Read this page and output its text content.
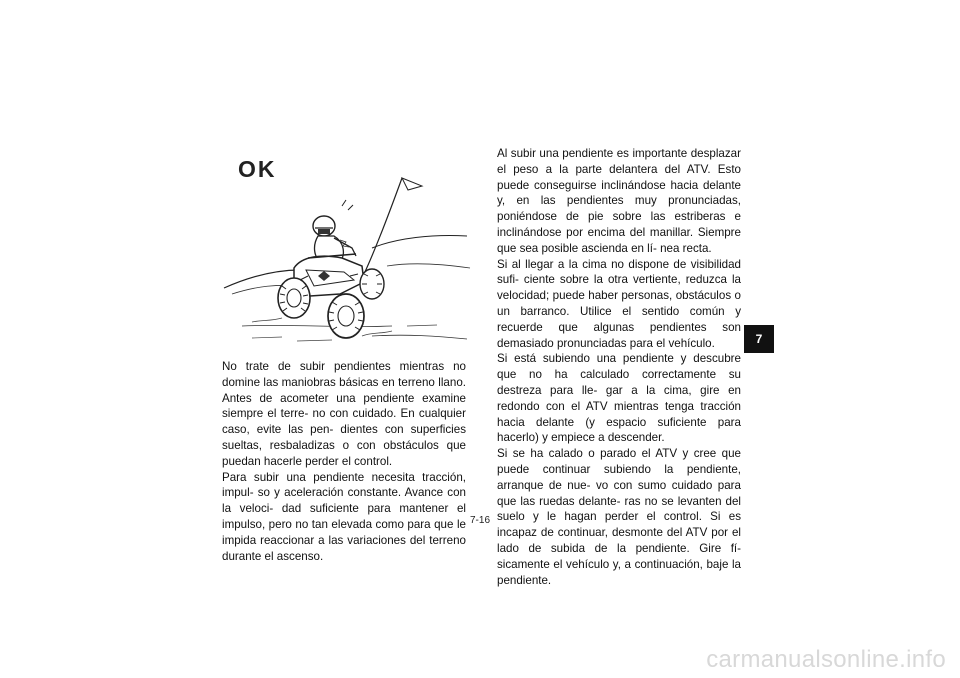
OK

No trate de subir pendientes mientras no domine las maniobras básicas en terreno llano. Antes de acometer una pendiente examine siempre el terre- no con cuidado. En cualquier caso, evite las pen- dientes con superficies sueltas, resbaladizas o con obstáculos que puedan hacerle perder el control.

Para subir una pendiente necesita tracción, impul- so y aceleración constante. Avance con la veloci- dad suficiente para mantener el impulso, pero no tan elevada como para que le impida reaccionar a las variaciones del terreno durante el ascenso.

Al subir una pendiente es importante desplazar el peso a la parte delantera del ATV. Esto puede conseguirse inclinándose hacia delante y, en las pendientes muy pronunciadas, poniéndose de pie sobre las estriberas e inclinándose por encima del manillar. Siempre que sea posible ascienda en lí- nea recta.

Si al llegar a la cima no dispone de visibilidad sufi- ciente sobre la otra vertiente, reduzca la velocidad; puede haber personas, obstáculos o un barranco. Utilice el sentido común y recuerde que algunas pendientes son demasiado pronunciadas para el vehículo.

Si está subiendo una pendiente y descubre que no ha calculado correctamente su destreza para lle- gar a la cima, gire en redondo con el ATV mientras tenga tracción hacia delante (y espacio suficiente para hacerlo) y empiece a descender.

Si se ha calado o parado el ATV y cree que puede continuar subiendo la pendiente, arranque de nue- vo con sumo cuidado para que las ruedas delante- ras no se levanten del suelo y le hagan perder el control. Si es incapaz de continuar, desmonte del ATV por el lado de subida de la pendiente. Gire fí- sicamente el vehículo y, a continuación, baje la pendiente.

7-16
7
carmanualsonline.info
